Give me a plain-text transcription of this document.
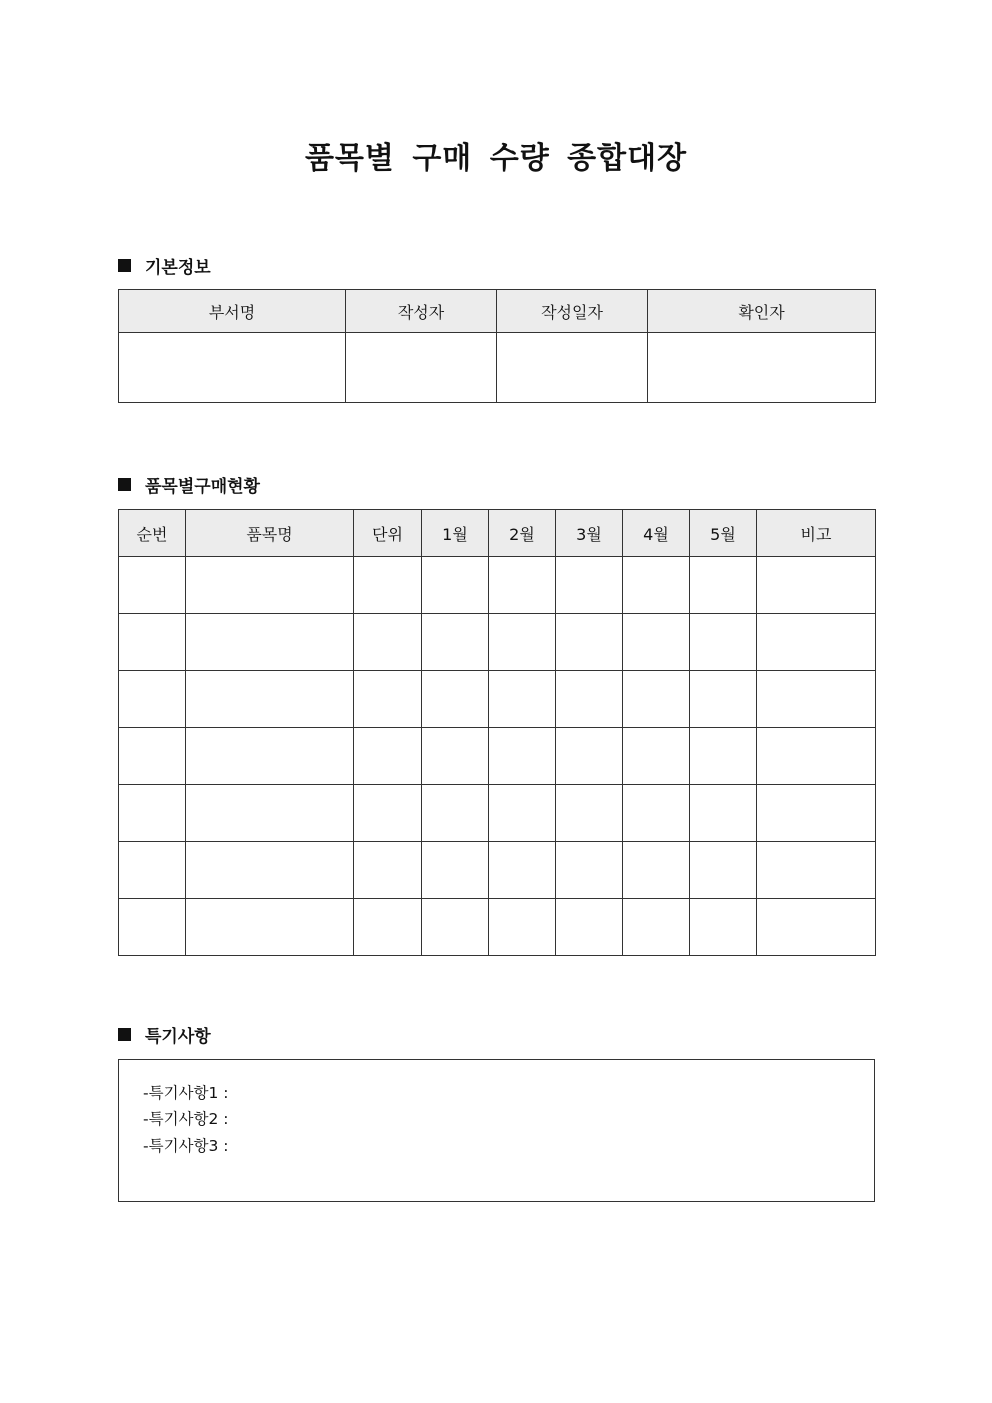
품목별 구매 수량 종합대장
기본정보
부서명	작성자	작성일자	확인자

품목별구매현황
순번	품목명	단위	1월	2월	3월	4월	5월	비고

특기사항
-특기사항1 :
-특기사항2 :
-특기사항3 :
